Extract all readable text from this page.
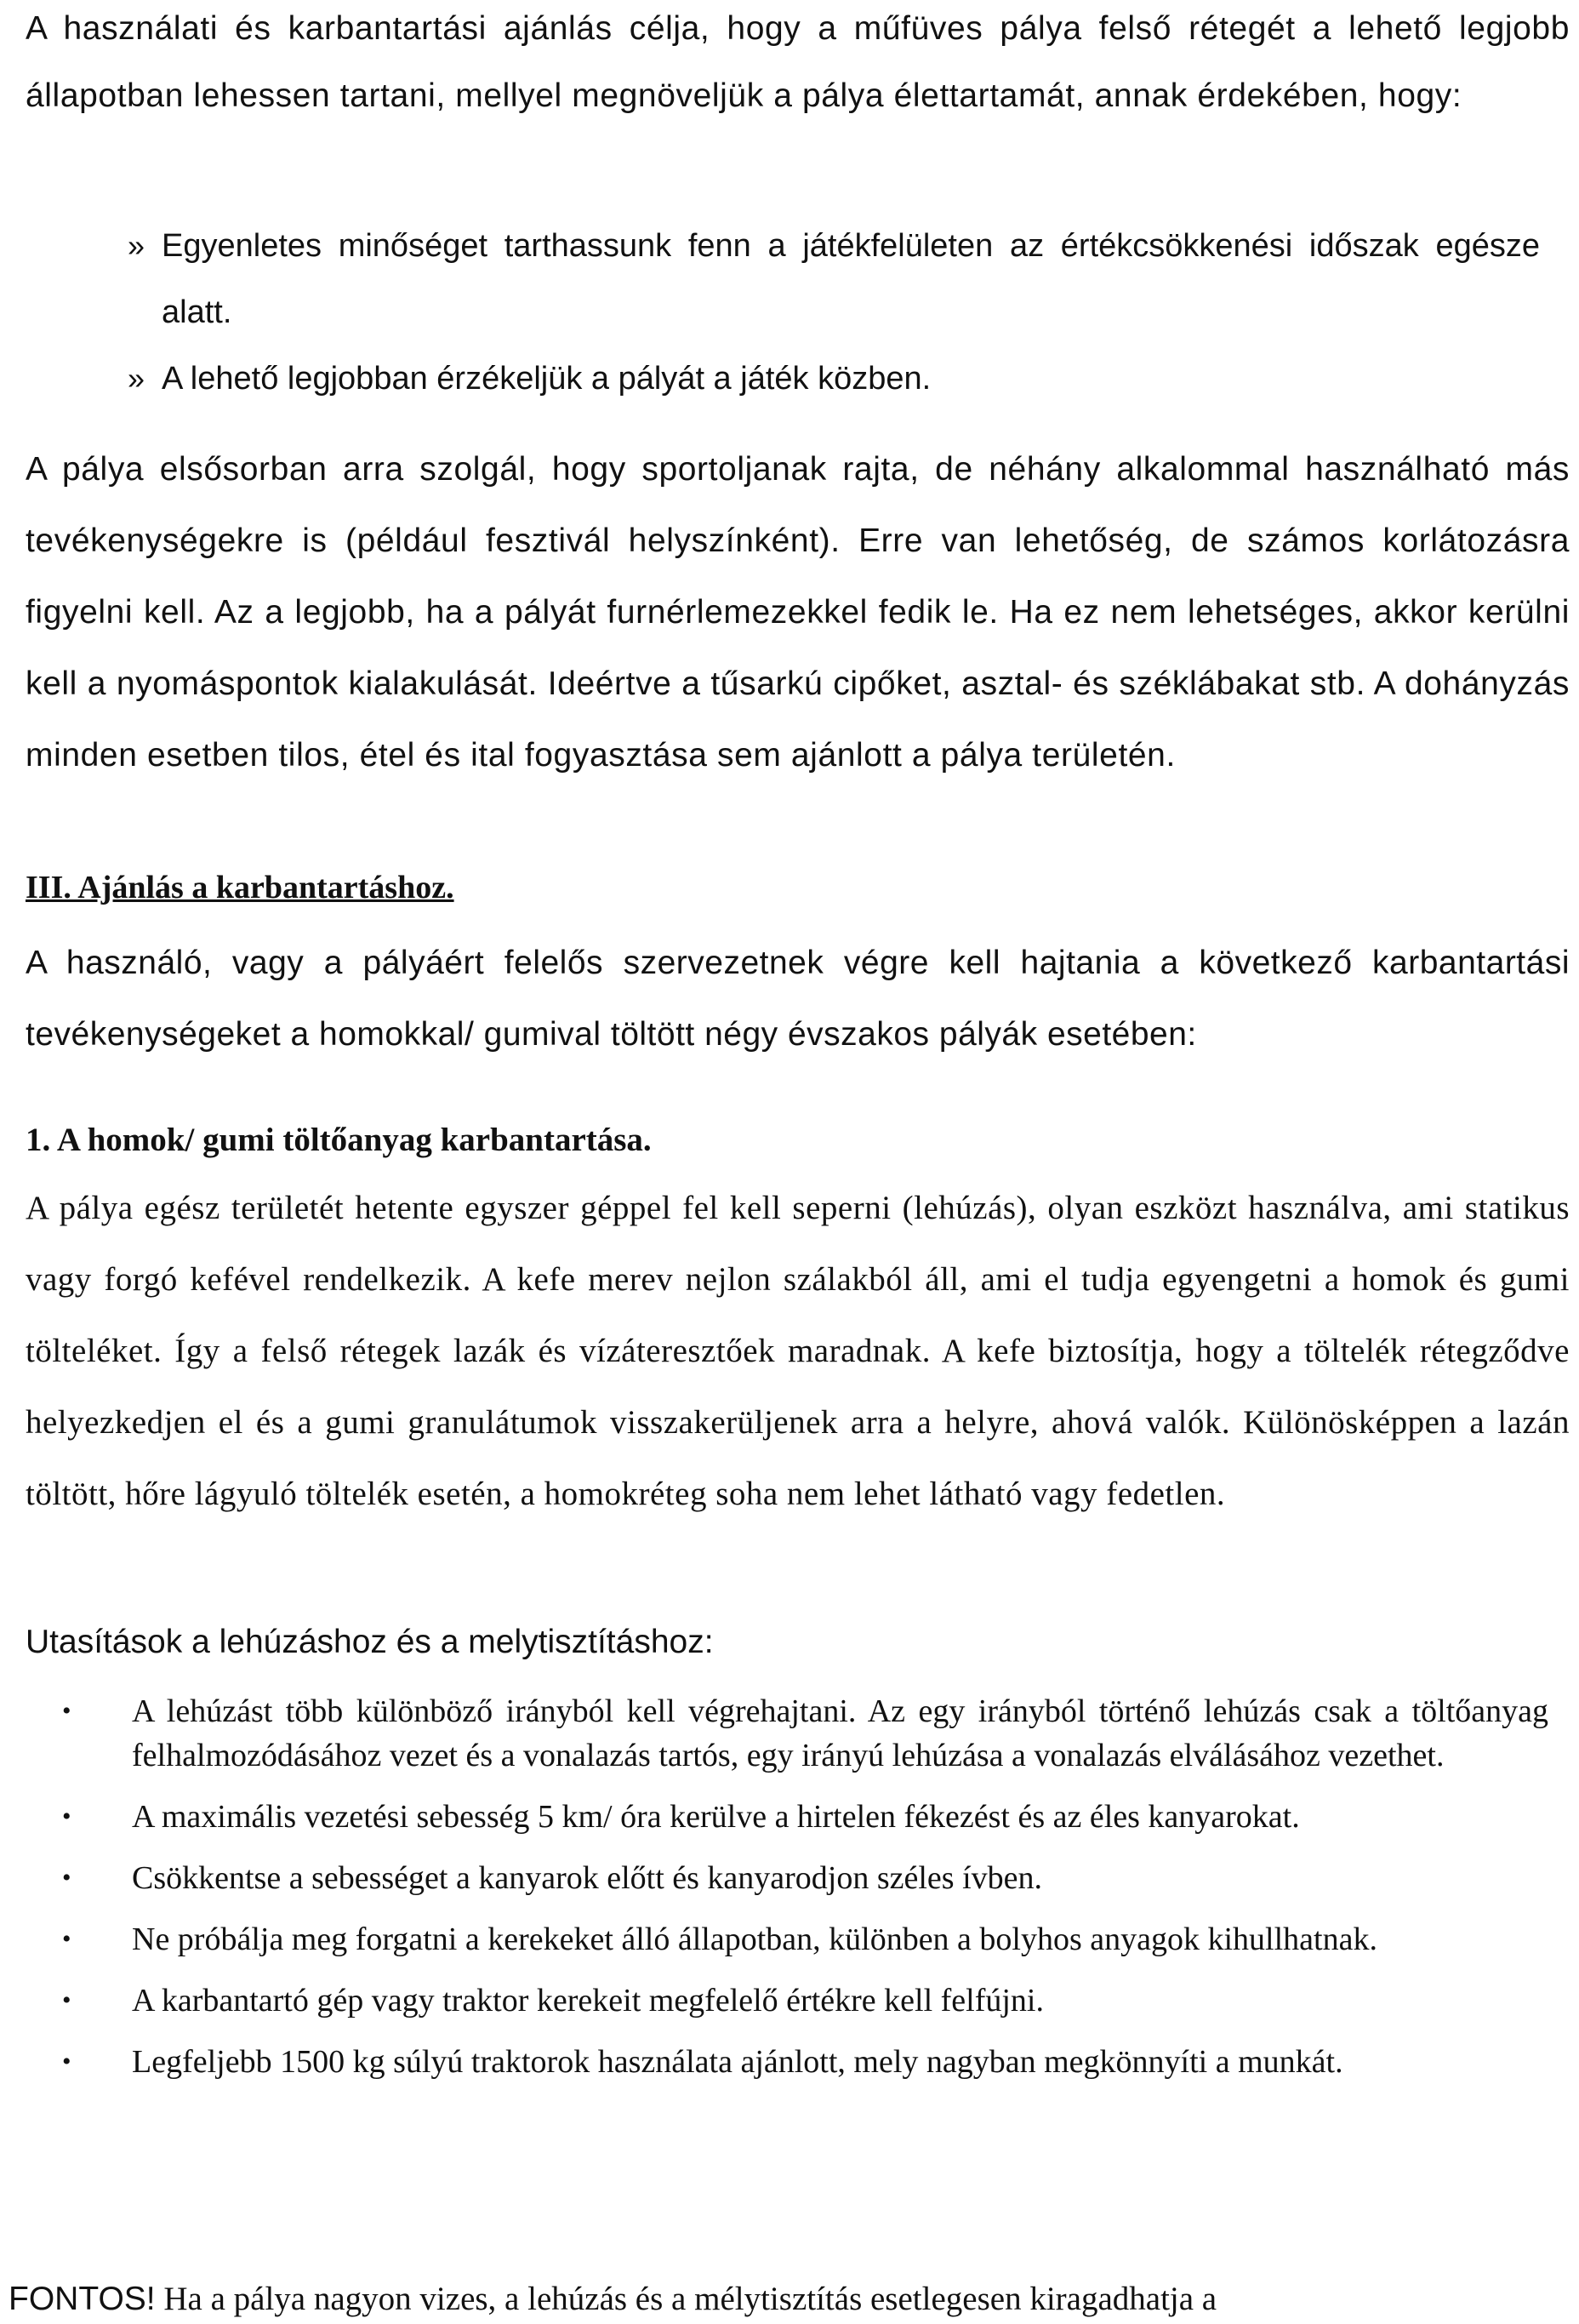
A használati és karbantartási ajánlás célja, hogy a műfüves pálya felső rétegét a lehető legjobb állapotban lehessen tartani, mellyel megnöveljük a pálya élettartamát, annak érdekében, hogy:

» Egyenletes minőséget tarthassunk fenn a játékfelületen az értékcsökkenési időszak egésze alatt.

» A lehető legjobban érzékeljük a pályát a játék közben.

A pálya elsősorban arra szolgál, hogy sportoljanak rajta, de néhány alkalommal használható más tevékenységekre is (például fesztivál helyszínként). Erre van lehetőség, de számos korlátozásra figyelni kell. Az a legjobb, ha a pályát furnérlemezekkel fedik le. Ha ez nem lehetséges, akkor kerülni kell a nyomáspontok kialakulását. Ideértve a tűsarkú cipőket, asztal- és széklábakat stb. A dohányzás minden esetben tilos, étel és ital fogyasztása sem ajánlott a pálya területén.

III. Ajánlás a karbantartáshoz.

A használó, vagy a pályáért felelős szervezetnek végre kell hajtania a következő karbantartási tevékenységeket a homokkal/ gumival töltött négy évszakos pályák esetében:

1. A homok/ gumi töltőanyag karbantartása.

A pálya egész területét hetente egyszer géppel fel kell seperni (lehúzás), olyan eszközt használva, ami statikus vagy forgó kefével rendelkezik. A kefe merev nejlon szálakból áll, ami el tudja egyengetni a homok és gumi tölteléket. Így a felső rétegek lazák és vízáteresztőek maradnak. A kefe biztosítja, hogy a töltelék rétegződve helyezkedjen el és a gumi granulátumok visszakerüljenek arra a helyre, ahová valók. Különösképpen a lazán töltött, hőre lágyuló töltelék esetén, a homokréteg soha nem lehet látható vagy fedetlen.

Utasítások a lehúzáshoz és a melytisztításhoz:
• A lehúzást több különböző irányból kell végrehajtani. Az egy irányból történő lehúzás csak a töltőanyag felhalmozódásához vezet és a vonalazás tartós, egy irányú lehúzása a vonalazás elválásához vezethet.
• A maximális vezetési sebesség 5 km/ óra kerülve a hirtelen fékezést és az éles kanyarokat.
• Csökkentse a sebességet a kanyarok előtt és kanyarodjon széles ívben.
• Ne próbálja meg forgatni a kerekeket álló állapotban, különben a bolyhos anyagok kihullhatnak.
• A karbantartó gép vagy traktor kerekeit megfelelő értékre kell felfújni.
• Legfeljebb 1500 kg súlyú traktorok használata ajánlott, mely nagyban megkönnyíti a munkát.
FONTOS! Ha a pálya nagyon vizes, a lehúzás és a mélytisztítás esetlegesen kiragadhatja a
